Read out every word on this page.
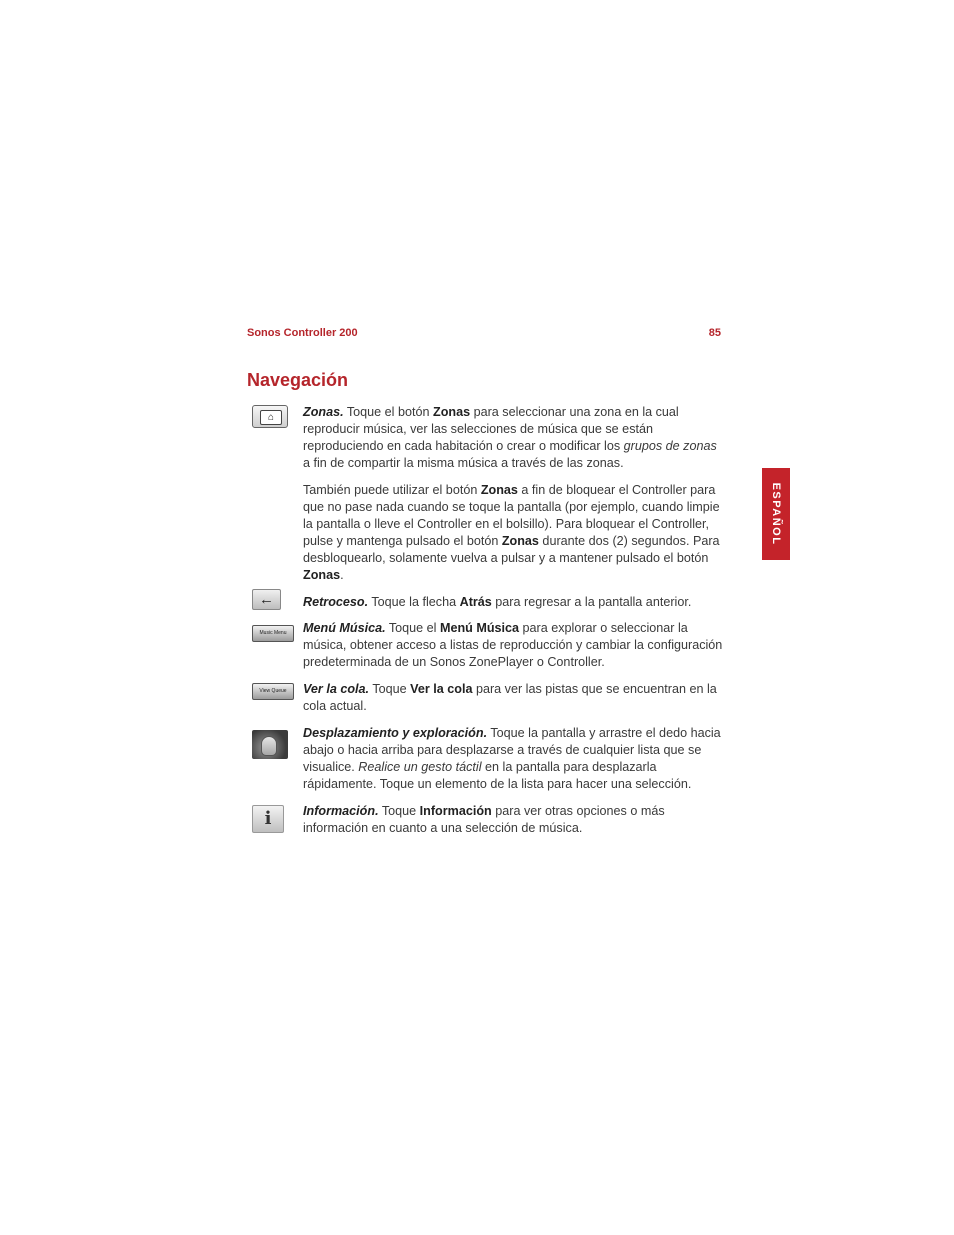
Sonos Controller 200	85
Navegación
ESPAÑOL
⌂	Zonas. Toque el botón Zonas para seleccionar una zona en la cual reproducir música, ver las selecciones de música que se están reproduciendo en cada habitación o crear o modificar los grupos de zonas a fin de compartir la misma música a través de las zonas.

También puede utilizar el botón Zonas a fin de bloquear el Controller para que no pase nada cuando se toque la pantalla (por ejemplo, cuando limpie la pantalla o lleve el Controller en el bolsillo). Para bloquear el Controller, pulse y mantenga pulsado el botón Zonas durante dos (2) segundos. Para desbloquearlo, solamente vuelva a pulsar y a mantener pulsado el botón Zonas.

←	Retroceso. Toque la flecha Atrás para regresar a la pantalla anterior.

Music Menu	Menú Música. Toque el Menú Música para explorar o seleccionar la música, obtener acceso a listas de reproducción y cambiar la configuración predeterminada de un Sonos ZonePlayer o Controller.

View Queue	Ver la cola. Toque Ver la cola para ver las pistas que se encuentran en la cola actual.

Desplazamiento y exploración. Toque la pantalla y arrastre el dedo hacia abajo o hacia arriba para desplazarse a través de cualquier lista que se visualice. Realice un gesto táctil en la pantalla para desplazarla rápidamente. Toque un elemento de la lista para hacer una selección.

i	Información. Toque Información para ver otras opciones o más información en cuanto a una selección de música.
